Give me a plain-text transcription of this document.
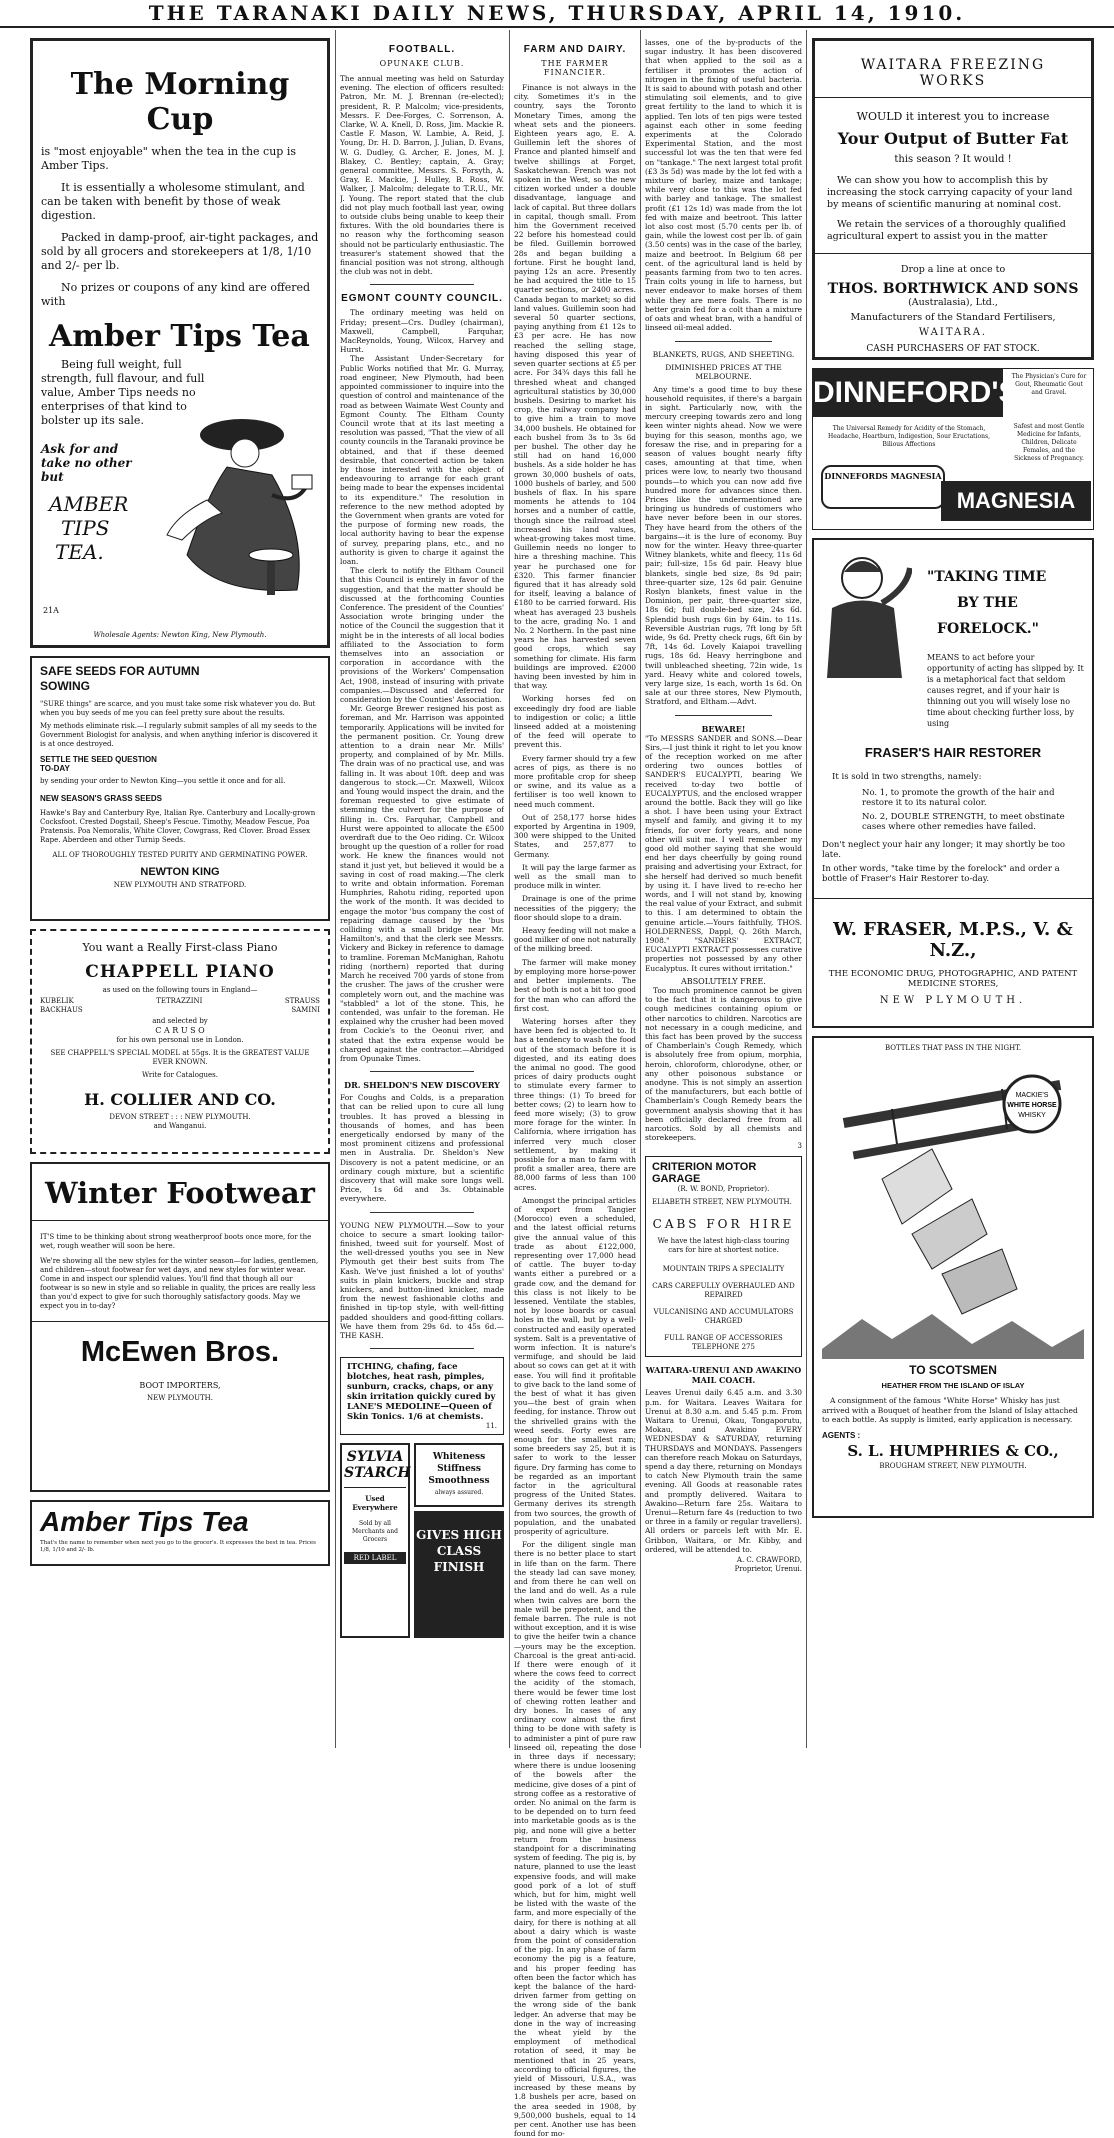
THE TARANAKI DAILY NEWS, THURSDAY, APRIL 14, 1910.
The Morning Cup
is "most enjoyable" when the tea in the cup is Amber Tips.
It is essentially a wholesome stimulant, and can be taken with benefit by those of weak digestion.
Packed in damp-proof, air-tight packages, and sold by all grocers and storekeepers at 1/8, 1/10 and 2/- per lb.
No prizes or coupons of any kind are offered with
Amber Tips Tea
Being full weight, full strength, full flavour, and full value, Amber Tips needs no enterprises of that kind to bolster up its sale.
Ask for and take no other but
AMBER
TIPS
TEA.
21A
Wholesale Agents: Newton King, New Plymouth.
SAFE SEEDS FOR AUTUMN SOWING
"SURE things" are scarce, and you must take some risk whatever you do. But when you buy seeds of me you can feel pretty sure about the results.
My methods eliminate risk.—I regularly submit samples of all my seeds to the Government Biologist for analysis, and when anything inferior is discovered it is at once destroyed.
SETTLE THE SEED QUESTION TO-DAY
by sending your order to Newton King—you settle it once and for all.
NEW SEASON'S GRASS SEEDS
Hawke's Bay and Canterbury Rye, Italian Rye. Canterbury and Locally-grown Cocksfoot. Crested Dogstail, Sheep's Fescue. Timothy, Meadow Fescue, Poa Pratensis. Poa Nemoralis, White Clover, Cowgrass, Red Clover. Broad Essex Rape. Aberdeen and other Turnip Seeds.
ALL OF THOROUGHLY TESTED PURITY AND GERMINATING POWER.
NEWTON KING
NEW PLYMOUTH AND STRATFORD.
You want a Really First-class Piano
CHAPPELL PIANO
as used on the following tours in England—
KUBELIK	TETRAZZINI	STRAUSS
BACKHAUS	SAMINI
and selected by
C A R U S O
for his own personal use in London.
SEE CHAPPELL'S SPECIAL MODEL at 55gs. It is the GREATEST VALUE EVER KNOWN.
Write for Catalogues.
H. COLLIER AND CO.
DEVON STREET : : : NEW PLYMOUTH.
and Wanganui.
Winter Footwear
IT'S time to be thinking about strong weatherproof boots once more, for the wet, rough weather will soon be here.
We're showing all the new styles for the winter season—for ladies, gentlemen, and children—stout footwear for wet days, and new styles for winter wear. Come in and inspect our splendid values. You'll find that though all our footwear is so new in style and so reliable in quality, the prices are really less than you'd expect to give for such thoroughly satisfactory goods. May we expect you in to-day?
McEwen Bros.
BOOT IMPORTERS,
NEW PLYMOUTH.
Amber Tips Tea
That's the name to remember when next you go to the grocer's. It expresses the best in tea. Prices 1/8, 1/10 and 2/- lb.
FOOTBALL.
OPUNAKE CLUB.
The annual meeting was held on Saturday evening. The election of officers resulted: Patron, Mr. M. J. Brennan (re-elected); president, R. P. Malcolm; vice-presidents, Messrs. F. Dee-Forges, C. Sorrenson, A. Clarke, W. A. Knell, D. Ross, Jim. Mackie R. Castle F. Mason, W. Lambie, A. Reid, J. Young, Dr. H. D. Barron, J. Julian, D. Evans, W. G. Dudley, G. Archer, E. Jones, M. J. Blakey, C. Bentley; captain, A. Gray; general committee, Messrs. S. Forsyth, A. Gray, E. Mackie, J. Hulley, B. Ross, W. Walker, J. Malcolm; delegate to T.R.U., Mr. J. Young. The report stated that the club did not play much football last year, owing to outside clubs being unable to keep their fixtures. With the old boundaries there is no reason why the forthcoming season should not be particularly enthusiastic. The treasurer's statement showed that the financial position was not strong, although the club was not in debt.
EGMONT COUNTY COUNCIL.
The ordinary meeting was held on Friday; present—Crs. Dudley (chairman), Maxwell, Campbell, Farquhar, MacReynolds, Young, Wilcox, Harvey and Hurst.
The Assistant Under-Secretary for Public Works notified that Mr. G. Murray, road engineer, New Plymouth, had been appointed commissioner to inquire into the question of control and maintenance of the road as between Waimate West County and Egmont County. The Eltham County Council wrote that at its last meeting a resolution was passed, "That the view of all county councils in the Taranaki province be obtained, and that if these deemed desirable, that concerted action be taken by those interested with the object of endeavouring to arrange for each grant being made to bear the expenses incidental to its expenditure." The resolution in reference to the new method adopted by the Government when grants are voted for the purpose of forming new roads, the local authority having to bear the expense of survey, preparing plans, etc., and no authority is given to charge it against the loan.
The clerk to notify the Eltham Council that this Council is entirely in favor of the suggestion, and that the matter should be discussed at the forthcoming Counties Conference. The president of the Counties' Association wrote bringing under the notice of the Council the suggestion that it might be in the interests of all local bodies affiliated to the Association to form themselves into an association or corporation in accordance with the provisions of the Workers' Compensation Act, 1908, instead of insuring with private companies.—Discussed and deferred for consideration by the Counties' Association.
Mr. George Brewer resigned his post as foreman, and Mr. Harrison was appointed temporarily. Applications will be invited for the permanent position. Cr. Young drew attention to a drain near Mr. Mills' property, and complained of by Mr. Mills. The drain was of no practical use, and was falling in. It was about 10ft. deep and was dangerous to stock.—Cr. Maxwell, Wilcox and Young would inspect the drain, and the foreman requested to give estimate of stemming the culvert for the purpose of filling in. Crs. Farquhar, Campbell and Hurst were appointed to allocate the £500 overdraft due to the Oeo riding. Cr. Wilcox brought up the question of a roller for road work. He knew the finances would not stand it just yet, but believed it would be a saving in cost of road making.—The clerk to write and obtain information. Foreman Humphries, Rahotu riding, reported upon the work of the month. It was decided to engage the motor 'bus company the cost of repairing damage caused by the 'bus colliding with a small bridge near Mr. Hamilton's, and that the clerk see Messrs. Vickery and Bickey in reference to damage to tramline. Foreman McManighan, Rahotu riding (northern) reported that during March he received 700 yards of stone from the crusher. The jaws of the crusher were completely worn out, and the machine was "stabbled" a lot of the stone. This, he contended, was unfair to the foreman. He explained why the crusher had been moved from Cockie's to the Oeonui river, and stated that the extra expense would be charged against the contractor.—Abridged from Opunake Times.
DR. SHELDON'S NEW DISCOVERY
For Coughs and Colds, is a preparation that can be relied upon to cure all lung troubles. It has proved a blessing in thousands of homes, and has been energetically endorsed by many of the most prominent citizens and professional men in Australia. Dr. Sheldon's New Discovery is not a patent medicine, or an ordinary cough mixture, but a scientific discovery that will make sore lungs well. Price, 1s 6d and 3s. Obtainable everywhere.
YOUNG NEW PLYMOUTH.—Sow to your choice to secure a smart looking tailor-finished, tweed suit for yourself. Most of the well-dressed youths you see in New Plymouth get their best suits from The Kash. We've just finished a lot of youths' suits in plain knickers, buckle and strap knickers, and button-lined knicker, made from the newest fashionable cloths and finished in tip-top style, with well-fitting padded shoulders and good-fitting collars. We have them from 29s 6d. to 45s 6d.—THE KASH.
ITCHING, chafing, face blotches, heat rash, pimples, sunburn, cracks, chaps, or any skin irritation quickly cured by LANE'S MEDOLINE—Queen of Skin Tonics. 1/6 at chemists.
11.
SYLVIA STARCH
Used Everywhere
Sold by all Merchants and Grocers
RED LABEL
Whiteness
Stiffness
Smoothness
always assured.
GIVES HIGH CLASS FINISH
FARM AND DAIRY.
THE FARMER FINANCIER.
Finance is not always in the city. Sometimes it's in the country, says the Toronto Monetary Times, among the wheat sets and the pioneers. Eighteen years ago, E. A. Guillemin left the shores of France and planted himself and twelve shillings at Forget, Saskatchewan. French was not spoken in the West, so the new citizen worked under a double disadvantage, language and lack of capital. But three dollars in capital, though small. From him the Government received 22 before his homestead could be filed. Guillemin borrowed 28s and began building a fortune. First he bought land, paying 12s an acre. Presently he had acquired the title to 15 quarter sections, or 2400 acres. Canada began to market; so did land values. Guillemin soon had several 50 quarter sections, paying anything from £1 12s to £3 per acre. He has now reached the selling stage, having disposed this year of seven quarter sections at £5 per acre. For 34¾ days this fall he threshed wheat and changed agricultural statistics by 30,000 bushels. Desiring to market his crop, the railway company had to give him a train to move 34,000 bushels. He obtained for each bushel from 3s to 3s 6d per bushel. The other day he still had on hand 16,000 bushels. As a side holder he has grown 30,000 bushels of oats, 1000 bushels of barley, and 500 bushels of flax. In his spare moments he attends to 104 horses and a number of cattle, though since the railroad steel increased his land values, wheat-growing takes most time. Guillemin needs no longer to hire a threshing machine. This year he purchased one for £320. This farmer financier figured that it has already sold for itself, leaving a balance of £180 to be carried forward. His wheat has averaged 23 bushels to the acre, grading No. 1 and No. 2 Northern. In the past nine years he has harvested seven good crops, which say something for climate. His farm buildings are improved. £2000 having been invested by him in that way.
Working horses fed on exceedingly dry food are liable to indigestion or colic; a little linseed added at a moistening of the feed will operate to prevent this.
Every farmer should try a few acres of pigs, as there is no more profitable crop for sheep or swine, and its value as a fertiliser is too well known to need much comment.
Out of 258,177 horse hides exported by Argentina in 1909, 300 were shipped to the United States, and 257,877 to Germany.
It will pay the large farmer as well as the small man to produce milk in winter.
Drainage is one of the prime necessities of the piggery; the floor should slope to a drain.
Heavy feeding will not make a good milker of one not naturally of the milking breed.
The farmer will make money by employing more horse-power and better implements. The best of both is not a bit too good for the man who can afford the first cost.
Watering horses after they have been fed is objected to. It has a tendency to wash the food out of the stomach before it is digested, and its eating does the animal no good. The good prices of dairy products ought to stimulate every farmer to three things: (1) To breed for better cows; (2) to learn how to feed more wisely; (3) to grow more forage for the winter. In California, where irrigation has inferred very much closer settlement, by making it possible for a man to farm with profit a smaller area, there are 88,000 farms of less than 100 acres.
Amongst the principal articles of export from Tangier (Morocco) even a scheduled, and the latest official returns give the annual value of this trade as about £122,000, representing over 17,000 head of cattle. The buyer to-day wants either a purebred or a grade cow, and the demand for this class is not likely to be lessened. Ventilate the stables, not by loose boards or casual holes in the wall, but by a well-constructed and easily operated system. Salt is a preventative of worm infection. It is nature's vermifuge, and should be laid about so cows can get at it with ease. You will find it profitable to give back to the land some of the best of what it has given you—the best of grain when feeding, for instance. Throw out the shrivelled grains with the weed seeds. Forty ewes are enough for the smallest ram; some breeders say 25, but it is safer to work to the lesser figure. Dry farming has come to be regarded as an important factor in the agricultural progress of the United States. Germany derives its strength from two sources, the growth of population, and the unabated prosperity of agriculture.
For the diligent single man there is no better place to start in life than on the farm. There the steady lad can save money, and from there he can well on the land and do well. As a rule when twin calves are born the male will be prepotent, and the female barren. The rule is not without exception, and it is wise to give the heifer twin a chance—yours may be the exception. Charcoal is the great anti-acid. If there were enough of it where the cows feed to correct the acidity of the stomach, there would be fewer time lost of chewing rotten leather and dry bones. In cases of any ordinary cow almost the first thing to be done with safety is to administer a pint of pure raw linseed oil, repeating the dose in three days if necessary; where there is undue loosening of the bowels after the medicine, give doses of a pint of strong coffee as a restorative of order. No animal on the farm is to be depended on to turn feed into marketable goods as is the pig, and none will give a better return from the business standpoint for a discriminating system of feeding. The pig is, by nature, planned to use the least expensive foods, and will make good pork of a lot of stuff which, but for him, might well be listed with the waste of the farm, and more especially of the dairy, for there is nothing at all about a dairy which is waste from the point of consideration of the pig. In any phase of farm economy the pig is a feature, and his proper feeding has often been the factor which has kept the balance of the hard-driven farmer from getting on the wrong side of the bank ledger. An adverse that may be done in the way of increasing the wheat yield by the employment of methodical rotation of seed, it may be mentioned that in 25 years, according to official figures, the yield of Missouri, U.S.A., was increased by these means by 1.8 bushels per acre, based on the area seeded in 1908, by 9,500,000 bushels, equal to 14 per cent. Another use has been found for mo-
lasses, one of the by-products of the sugar industry. It has been discovered that when applied to the soil as a fertiliser it promotes the action of nitrogen in the fixing of useful bacteria. It is said to abound with potash and other stimulating soil elements, and to give great fertility to the land to which it is applied. Ten lots of ten pigs were tested against each other in some feeding experiments at the Colorado Experimental Station, and the most successful lot was the ten that were fed on "tankage." The next largest total profit (£3 3s 5d) was made by the lot fed with a mixture of barley, maize and tankage; while very close to this was the lot fed with barley and tankage. The smallest profit (£1 12s 1d) was made from the lot fed with maize and beetroot. This latter lot also cost most (5.70 cents per lb. of gain, while the lowest cost per lb. of gain (3.50 cents) was in the case of the barley, maize and beetroot. In Belgium 68 per cent. of the agricultural land is held by peasants farming from two to ten acres. Train colts young in life to harness, but never endeavor to make horses of them while they are mere foals. There is no better grain fed for a colt than a mixture of oats and wheat bran, with a handful of linseed oil-meal added.
BLANKETS, RUGS, AND SHEETING.
DIMINISHED PRICES AT THE MELBOURNE.
Any time's a good time to buy these household requisites, if there's a bargain in sight. Particularly now, with the mercury creeping towards zero and long keen winter nights ahead. Now we were buying for this season, months ago, we foresaw the rise, and in preparing for a season of values bought nearly fifty cases, amounting at that time, when prices were low, to nearly two thousand pounds—to which you can now add five hundred more for advances since then. Prices like the undermentioned are bringing us hundreds of customers who have never before been in our stores. They have heard from the others of the bargains—it is the lure of economy. Buy now for the winter. Heavy three-quarter Witney blankets, white and fleecy, 11s 6d pair; full-size, 15s 6d pair. Heavy blue blankets, single bed size, 8s 9d pair; three-quarter size, 12s 6d pair. Genuine Roslyn blankets, finest value in the Dominion, per pair, three-quarter size, 18s 6d; full double-bed size, 24s 6d. Splendid bush rugs 6in by 64in. to 11s. Reversible Austrian rugs, 7ft long by 5ft wide, 9s 6d. Pretty check rugs, 6ft 6in by 7ft, 14s 6d. Lovely Kaiapoi travelling rugs, 18s 6d. Heavy herringbone and twill unbleached sheeting, 72in wide, 1s yard. Heavy white and colored towels, very large size, 1s each, worth 1s 6d. On sale at our three stores, New Plymouth, Stratford, and Eltham.—Advt.
BEWARE!
"To MESSRS SANDER and SONS.—Dear Sirs,—I just think it right to let you know of the reception worked on me after ordering two ounces bottles of SANDER'S EUCALYPTI, bearing We received to-day two bottle of EUCALYPTUS, and the enclosed wrapper around the bottle. Back they will go like a shot. I have been using your Extract myself and family, and giving it to my friends, for over forty years, and none other will suit me. I well remember my good old mother saying that she would end her days cheerfully by going round praising and advertising your Extract, for she herself had derived so much benefit by using it. I have lived to re-echo her words, and I will not stand by, knowing the real value of your Extract, and submit to this. I am determined to obtain the genuine article.—Yours faithfully, THOS. HOLDERNESS, Dappl, Q. 26th March, 1908." "SANDERS' EXTRACT, EUCALYPTI EXTRACT possesses curative properties not possessed by any other Eucalyptus. It cures without irritation."
ABSOLUTELY FREE.
Too much prominence cannot be given to the fact that it is dangerous to give cough medicines containing opium or other narcotics to children. Narcotics are not necessary in a cough medicine, and this fact has been proved by the success of Chamberlain's Cough Remedy, which is absolutely free from opium, morphia, heroin, chloroform, chlorodyne, other, or any other poisonous substance or anodyne. This is not simply an assertion of the manufacturers, but each bottle of Chamberlain's Cough Remedy bears the government analysis showing that it has been officially declared free from all narcotics. Sold by all chemists and storekeepers.
3
CRITERION MOTOR GARAGE
(R. W. BOND, Proprietor).
ELIABETH STREET, NEW PLYMOUTH.
CABS FOR HIRE
We have the latest high-class touring cars for hire at shortest notice.
MOUNTAIN TRIPS A SPECIALITY
CARS CAREFULLY OVERHAULED AND REPAIRED
VULCANISING AND ACCUMULATORS CHARGED
FULL RANGE OF ACCESSORIES
TELEPHONE 275
WAITARA-URENUI AND AWAKINO MAIL COACH.
Leaves Urenui daily 6.45 a.m. and 3.30 p.m. for Waitara. Leaves Waitara for Urenui at 8.30 a.m. and 5.45 p.m. From Waitara to Urenui, Okau, Tongaporutu, Mokau, and Awakino EVERY WEDNESDAY & SATURDAY, returning THURSDAYS and MONDAYS. Passengers can therefore reach Mokau on Saturdays, spend a day there, returning on Mondays to catch New Plymouth train the same evening. All Goods at reasonable rates and promptly delivered. Waitara to Awakino—Return fare 25s. Waitara to Urenui—Return fare 4s (reduction to two or three in a family or regular travellers). All orders or parcels left with Mr. E. Gribbon, Waitara, or Mr. Kibby, and ordered, will be attended to.
A. C. CRAWFORD,
Proprietor, Urenui.
WAITARA FREEZING WORKS
WOULD it interest you to increase
Your Output of Butter Fat
this season ? It would !
We can show you how to accomplish this by increasing the stock carrying capacity of your land by means of scientific manuring at nominal cost.
We retain the services of a thoroughly qualified agricultural expert to assist you in the matter
Drop a line at once to
THOS. BORTHWICK AND SONS
(Australasia), Ltd.,
Manufacturers of the Standard Fertilisers,
WAITARA.
CASH PURCHASERS OF FAT STOCK.
DINNEFORD'S
The Physician's Cure for Gout, Rheumatic Gout and Gravel.
The Universal Remedy for Acidity of the Stomach, Headache, Heartburn, Indigestion, Sour Eructations, Bilious Affections
Safest and most Gentle Medicine for Infants, Children, Delicate Females, and the Sickness of Pregnancy.
DINNEFORDS MAGNESIA
MAGNESIA
"TAKING TIME
BY THE
FORELOCK."
MEANS to act before your opportunity of acting has slipped by. It is a metaphorical fact that seldom causes regret, and if your hair is thinning out you will wisely lose no time about checking further loss, by using
FRASER'S HAIR RESTORER
It is sold in two strengths, namely:
No. 1, to promote the growth of the hair and restore it to its natural color.
No. 2, DOUBLE STRENGTH, to meet obstinate cases where other remedies have failed.
Don't neglect your hair any longer; it may shortly be too late.
In other words, "take time by the forelock" and order a bottle of Fraser's Hair Restorer to-day.
W. FRASER, M.P.S., V. & N.Z.,
THE ECONOMIC DRUG, PHOTOGRAPHIC, AND PATENT MEDICINE STORES,
NEW PLYMOUTH.
BOTTLES THAT PASS IN THE NIGHT.
MACKIE'S
WHITE HORSE
WHISKY
TO SCOTSMEN
HEATHER FROM THE ISLAND OF ISLAY
A consignment of the famous "White Horse" Whisky has just arrived with a Bouquet of heather from the Island of Islay attached to each bottle. As supply is limited, early application is necessary.
AGENTS :
S. L. HUMPHRIES & CO.,
BROUGHAM STREET, NEW PLYMOUTH.
